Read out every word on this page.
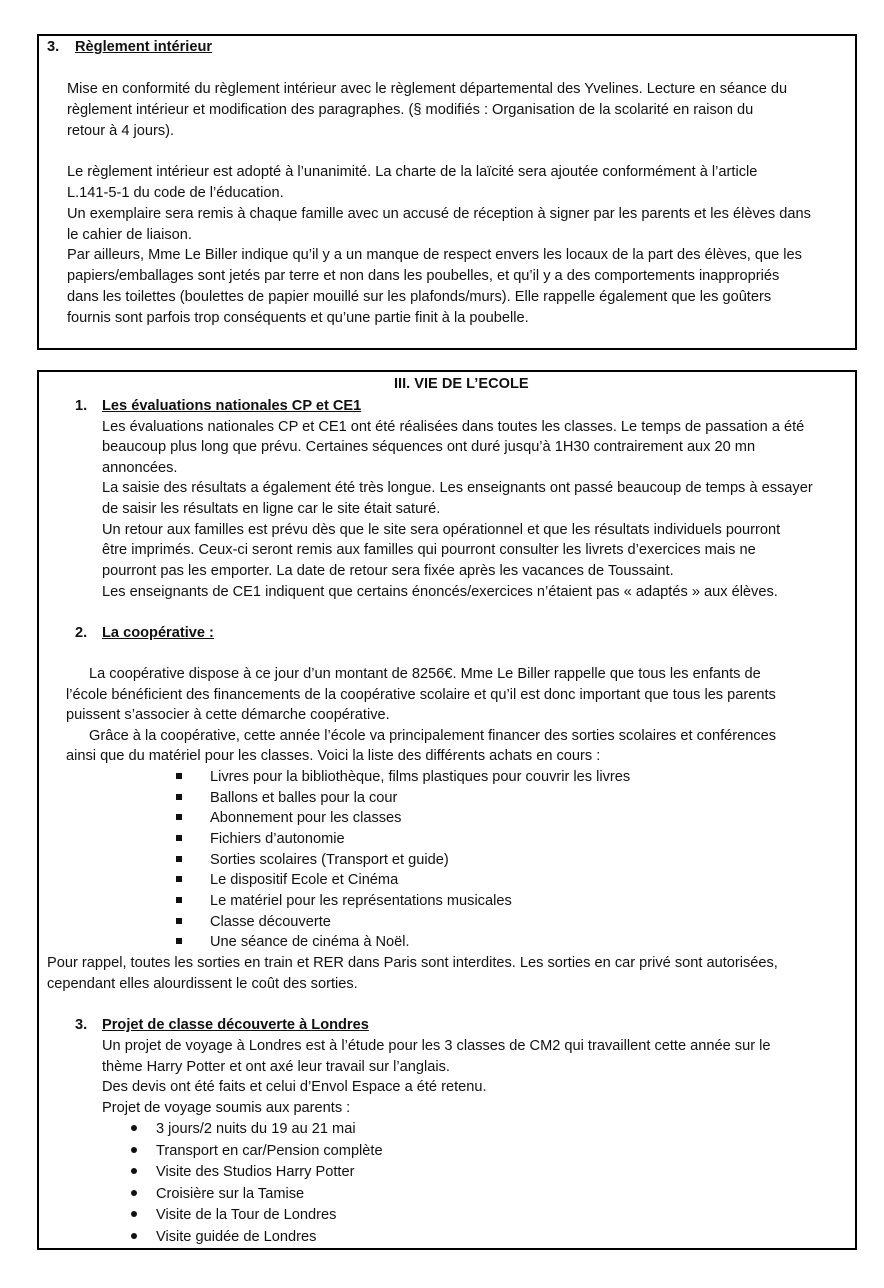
3. Règlement intérieur
Mise en conformité du règlement intérieur avec le règlement départemental des Yvelines. Lecture en séance du
règlement intérieur et modification des paragraphes. (§ modifiés : Organisation de la scolarité en raison du
retour à 4 jours).
Le règlement intérieur est adopté à l’unanimité. La charte de la laïcité sera ajoutée conformément à l’article
L.141-5-1 du code de l’éducation.
Un exemplaire sera remis à chaque famille avec un accusé de réception à signer par les parents et les élèves dans
le cahier de liaison.
Par ailleurs, Mme Le Biller indique qu’il y a un manque de respect envers les locaux de la part des élèves, que les
papiers/emballages sont jetés par terre et non dans les poubelles, et qu’il y a des comportements inappropriés
dans les toilettes (boulettes de papier mouillé sur les plafonds/murs). Elle rappelle également que les goûters
fournis sont parfois trop conséquents et qu’une partie finit à la poubelle.
III. VIE DE L’ECOLE
1. Les évaluations nationales CP et CE1
Les évaluations nationales CP et CE1 ont été réalisées dans toutes les classes. Le temps de passation a été
beaucoup plus long que prévu. Certaines séquences ont duré jusqu’à 1H30 contrairement aux 20 mn
annoncées.
La saisie des résultats a également été très longue. Les enseignants ont passé beaucoup de temps à essayer
de saisir les résultats en ligne car le site était saturé.
Un retour aux familles est prévu dès que le site sera opérationnel et que les résultats individuels pourront
être imprimés. Ceux-ci seront remis aux familles qui pourront consulter les livrets d’exercices mais ne
pourront pas les emporter. La date de retour sera fixée après les vacances de Toussaint.
Les enseignants de CE1 indiquent que certains énoncés/exercices n’étaient pas « adaptés » aux élèves.
2. La coopérative :
La coopérative dispose à ce jour d’un montant de 8256€. Mme Le Biller rappelle que tous les enfants de
l’école bénéficient des financements de la coopérative scolaire et qu’il est donc important que tous les parents
puissent s’associer à cette démarche coopérative.
Grâce à la coopérative, cette année l’école va principalement financer des sorties scolaires et conférences
ainsi que du matériel pour les classes. Voici la liste des différents achats en cours :
Livres pour la bibliothèque, films plastiques pour couvrir les livres
Ballons et balles pour la cour
Abonnement pour les classes
Fichiers d’autonomie
Sorties scolaires (Transport et guide)
Le dispositif Ecole et Cinéma
Le matériel pour les représentations musicales
Classe découverte
Une séance de cinéma à Noël.
Pour rappel, toutes les sorties en train et RER dans Paris sont interdites. Les sorties en car privé sont autorisées,
cependant elles alourdissent le coût des sorties.
3. Projet de classe découverte à Londres
Un projet de voyage à Londres est à l’étude pour les 3 classes de CM2 qui travaillent cette année sur le
thème Harry Potter et ont axé leur travail sur l’anglais.
Des devis ont été faits et celui d’Envol Espace a été retenu.
Projet de voyage soumis aux parents :
3 jours/2 nuits du 19 au 21 mai
Transport en car/Pension complète
Visite des Studios Harry Potter
Croisière sur la Tamise
Visite de la Tour de Londres
Visite guidée de Londres
